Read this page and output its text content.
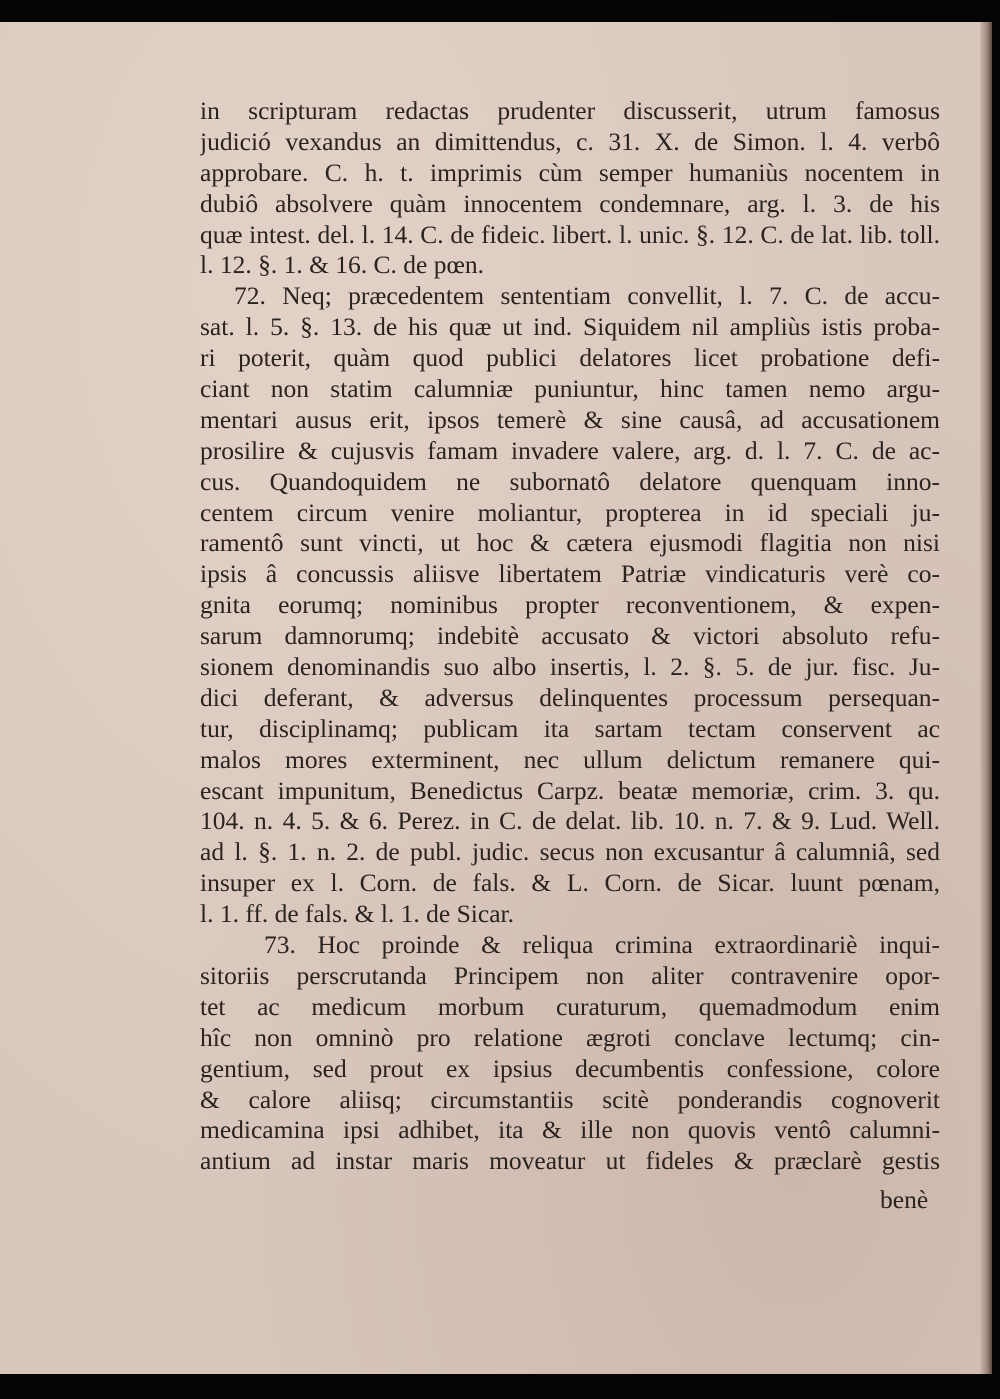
in scripturam redactas prudenter discusserit, utrum famosus
judició vexandus an dimittendus, c. 31. X. de Simon. l. 4. verbô
approbare. C. h. t. imprimis cùm semper humaniùs nocentem in
dubiô absolvere quàm innocentem condemnare, arg. l. 3. de his
quæ intest. del. l. 14. C. de fideic. libert. l. unic. §. 12. C. de lat. lib. toll.
l. 12. §. 1. & 16. C. de pœn.
72. Neq; præcedentem sententiam convellit, l. 7. C. de accu-
sat. l. 5. §. 13. de his quæ ut ind. Siquidem nil ampliùs istis proba-
ri poterit, quàm quod publici delatores licet probatione defi-
ciant non statim calumniæ puniuntur, hinc tamen nemo argu-
mentari ausus erit, ipsos temerè & sine causâ, ad accusationem
prosilire & cujusvis famam invadere valere, arg. d. l. 7. C. de ac-
cus. Quandoquidem ne subornatô delatore quenquam inno-
centem circum venire moliantur, propterea in id speciali ju-
ramentô sunt vincti, ut hoc & cætera ejusmodi flagitia non nisi
ipsis â concussis aliisve libertatem Patriæ vindicaturis verè co-
gnita eorumq; nominibus propter reconventionem, & expen-
sarum damnorumq; indebitè accusato & victori absoluto refu-
sionem denominandis suo albo insertis, l. 2. §. 5. de jur. fisc. Ju-
dici deferant, & adversus delinquentes processum persequan-
tur, disciplinamq; publicam ita sartam tectam conservent ac
malos mores exterminent, nec ullum delictum remanere qui-
escant impunitum, Benedictus Carpz. beatæ memoriæ, crim. 3. qu.
104. n. 4. 5. & 6. Perez. in C. de delat. lib. 10. n. 7. & 9. Lud. Well.
ad l. §. 1. n. 2. de publ. judic. secus non excusantur â calumniâ, sed
insuper ex l. Corn. de fals. & L. Corn. de Sicar. luunt pœnam,
l. 1. ff. de fals. & l. 1. de Sicar.
73. Hoc proinde & reliqua crimina extraordinariè inqui-
sitoriis perscrutanda Principem non aliter contravenire opor-
tet ac medicum morbum curaturum, quemadmodum enim
hîc non omninò pro relatione ægroti conclave lectumq; cin-
gentium, sed prout ex ipsius decumbentis confessione, colore
& calore aliisq; circumstantiis scitè ponderandis cognoverit
medicamina ipsi adhibet, ita & ille non quovis ventô calumni-
antium ad instar maris moveatur ut fideles & præclarè gestis
benè
